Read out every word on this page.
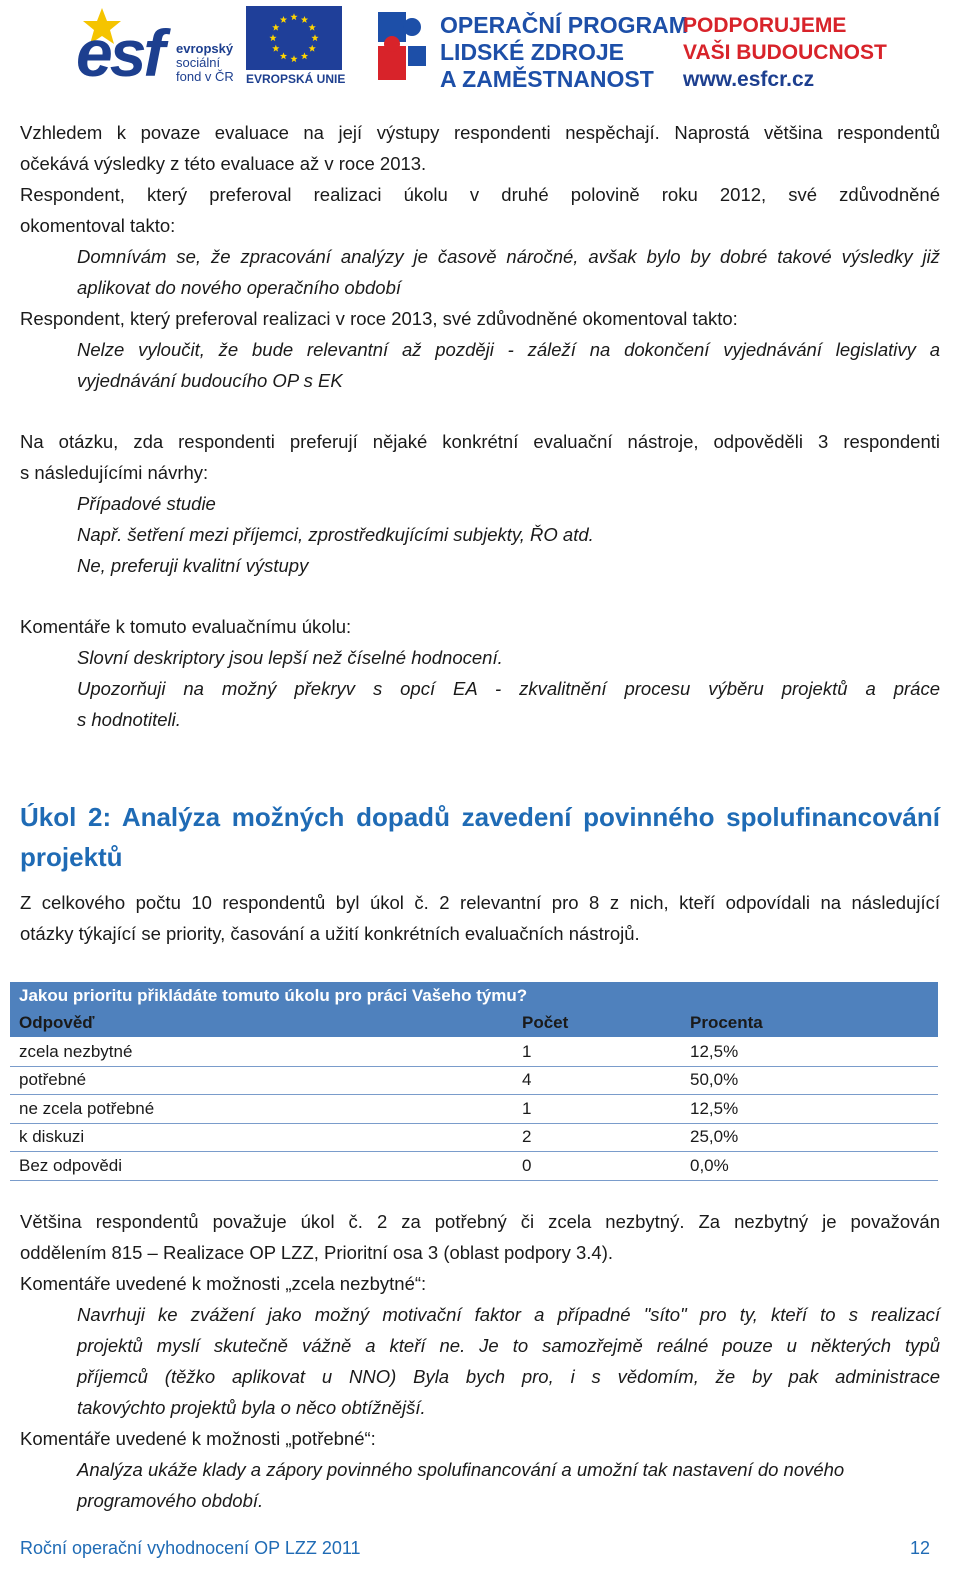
esf evropský
sociální
fond v ČR EVROPSKÁ UNIE
OPERAČNÍ PROGRAM
LIDSKÉ ZDROJE
A ZAMĚSTNANOST
PODPORUJEME
VAŠI BUDOUCNOST
www.esfcr.cz
Vzhledem k povaze evaluace na její výstupy respondenti nespěchají. Naprostá většina respondentů
očekává výsledky z této evaluace až v roce 2013.
Respondent, který preferoval realizaci úkolu v druhé polovině roku 2012, své zdůvodněné
okomentoval takto:
Domnívám se, že zpracování analýzy je časově náročné, avšak bylo by dobré takové výsledky již
aplikovat do nového operačního období
Respondent, který preferoval realizaci v roce 2013, své zdůvodněné okomentoval takto:
Nelze vyloučit, že bude relevantní až později - záleží na dokončení vyjednávání legislativy a
vyjednávání budoucího OP s EK
Na otázku, zda respondenti preferují nějaké konkrétní evaluační nástroje, odpověděli 3 respondenti
s následujícími návrhy:
Případové studie
Např. šetření mezi příjemci, zprostředkujícími subjekty, ŘO atd.
Ne, preferuji kvalitní výstupy
Komentáře k tomuto evaluačnímu úkolu:
Slovní deskriptory jsou lepší než číselné hodnocení.
Upozorňuji na možný překryv s opcí EA - zkvalitnění procesu výběru projektů a práce
s hodnotiteli.
Úkol 2: Analýza možných dopadů zavedení povinného spolufinancování
projektů
Z celkového počtu 10 respondentů byl úkol č. 2 relevantní pro 8 z nich, kteří odpovídali na následující
otázky týkající se priority, časování a užití konkrétních evaluačních nástrojů.
Jakou prioritu přikládáte tomuto úkolu pro práci Vašeho týmu?		
Odpověď	Počet	Procenta
zcela nezbytné	1	12,5%
potřebné	4	50,0%
ne zcela potřebné	1	12,5%
k diskuzi	2	25,0%
Bez odpovědi	0	0,0%
Většina respondentů považuje úkol č. 2 za potřebný či zcela nezbytný. Za nezbytný je považován
oddělením 815 – Realizace OP LZZ, Prioritní osa 3 (oblast podpory 3.4).
Komentáře uvedené k možnosti „zcela nezbytné“:
Navrhuji ke zvážení jako možný motivační faktor a případné "síto" pro ty, kteří to s realizací
projektů myslí skutečně vážně a kteří ne. Je to samozřejmě reálné pouze u některých typů
příjemců (těžko aplikovat u NNO) Byla bych pro, i s vědomím, že by pak administrace
takovýchto projektů byla o něco obtížnější.
Komentáře uvedené k možnosti „potřebné“:
Analýza ukáže klady a zápory povinného spolufinancování a umožní tak nastavení do nového
programového období.
Roční operační vyhodnocení OP LZZ 2011	12
